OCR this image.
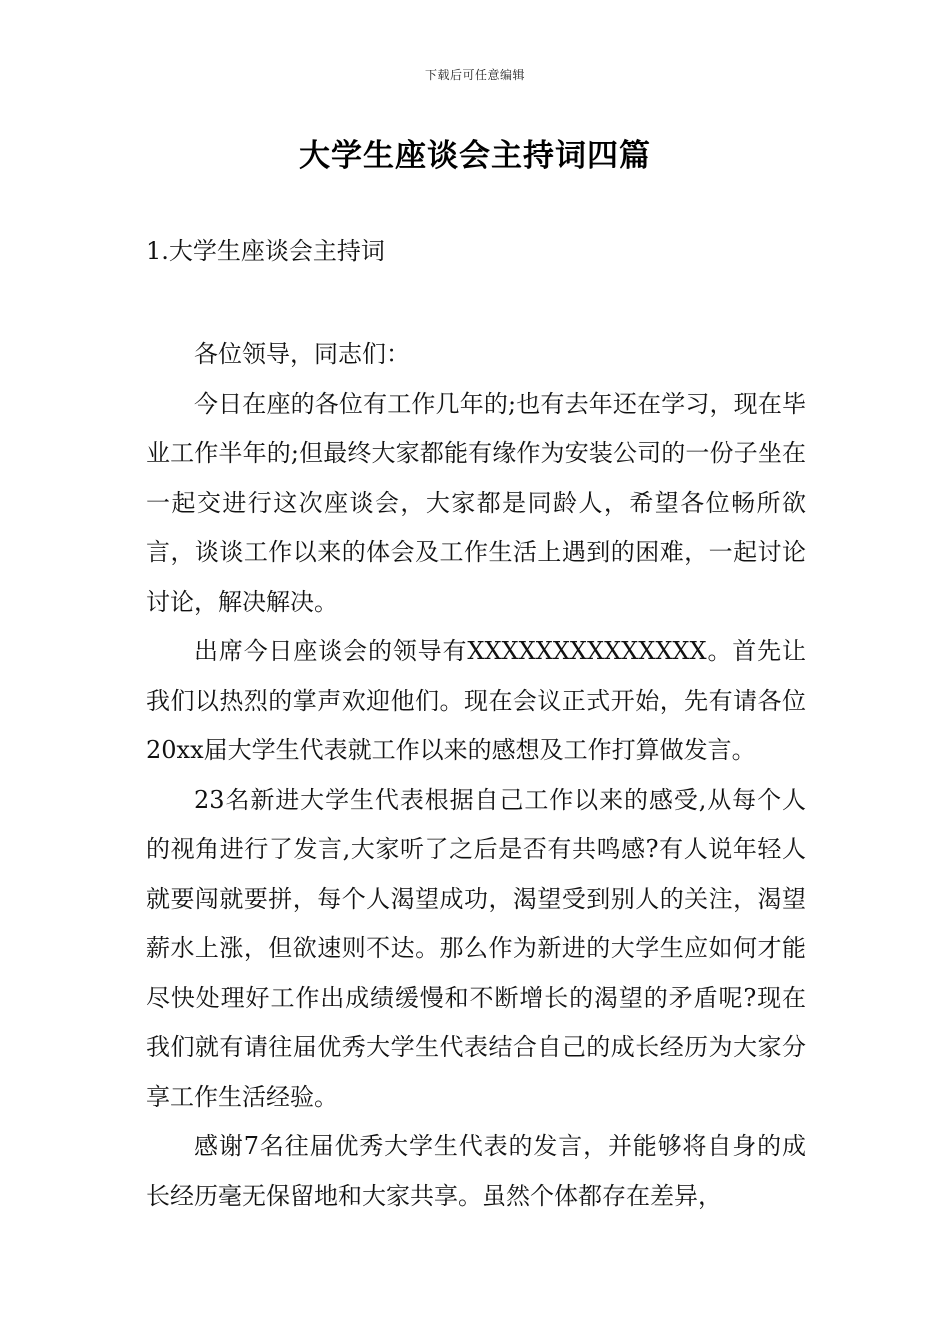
下载后可任意编辑
大学生座谈会主持词四篇
1.大学生座谈会主持词

各位领导，同志们：

今日在座的各位有工作几年的;也有去年还在学习，现在毕业工作半年的;但最终大家都能有缘作为安装公司的一份子坐在一起交进行这次座谈会，大家都是同龄人，希望各位畅所欲言，谈谈工作以来的体会及工作生活上遇到的困难，一起讨论讨论，解决解决。

出席今日座谈会的领导有XXXXXXXXXXXXXX。首先让我们以热烈的掌声欢迎他们。现在会议正式开始，先有请各位20xx届大学生代表就工作以来的感想及工作打算做发言。

23名新进大学生代表根据自己工作以来的感受,从每个人的视角进行了发言,大家听了之后是否有共鸣感?有人说年轻人就要闯就要拼，每个人渴望成功，渴望受到别人的关注，渴望薪水上涨，但欲速则不达。那么作为新进的大学生应如何才能尽快处理好工作出成绩缓慢和不断增长的渴望的矛盾呢?现在我们就有请往届优秀大学生代表结合自己的成长经历为大家分享工作生活经验。

感谢7名往届优秀大学生代表的发言，并能够将自身的成长经历毫无保留地和大家共享。虽然个体都存在差异，
